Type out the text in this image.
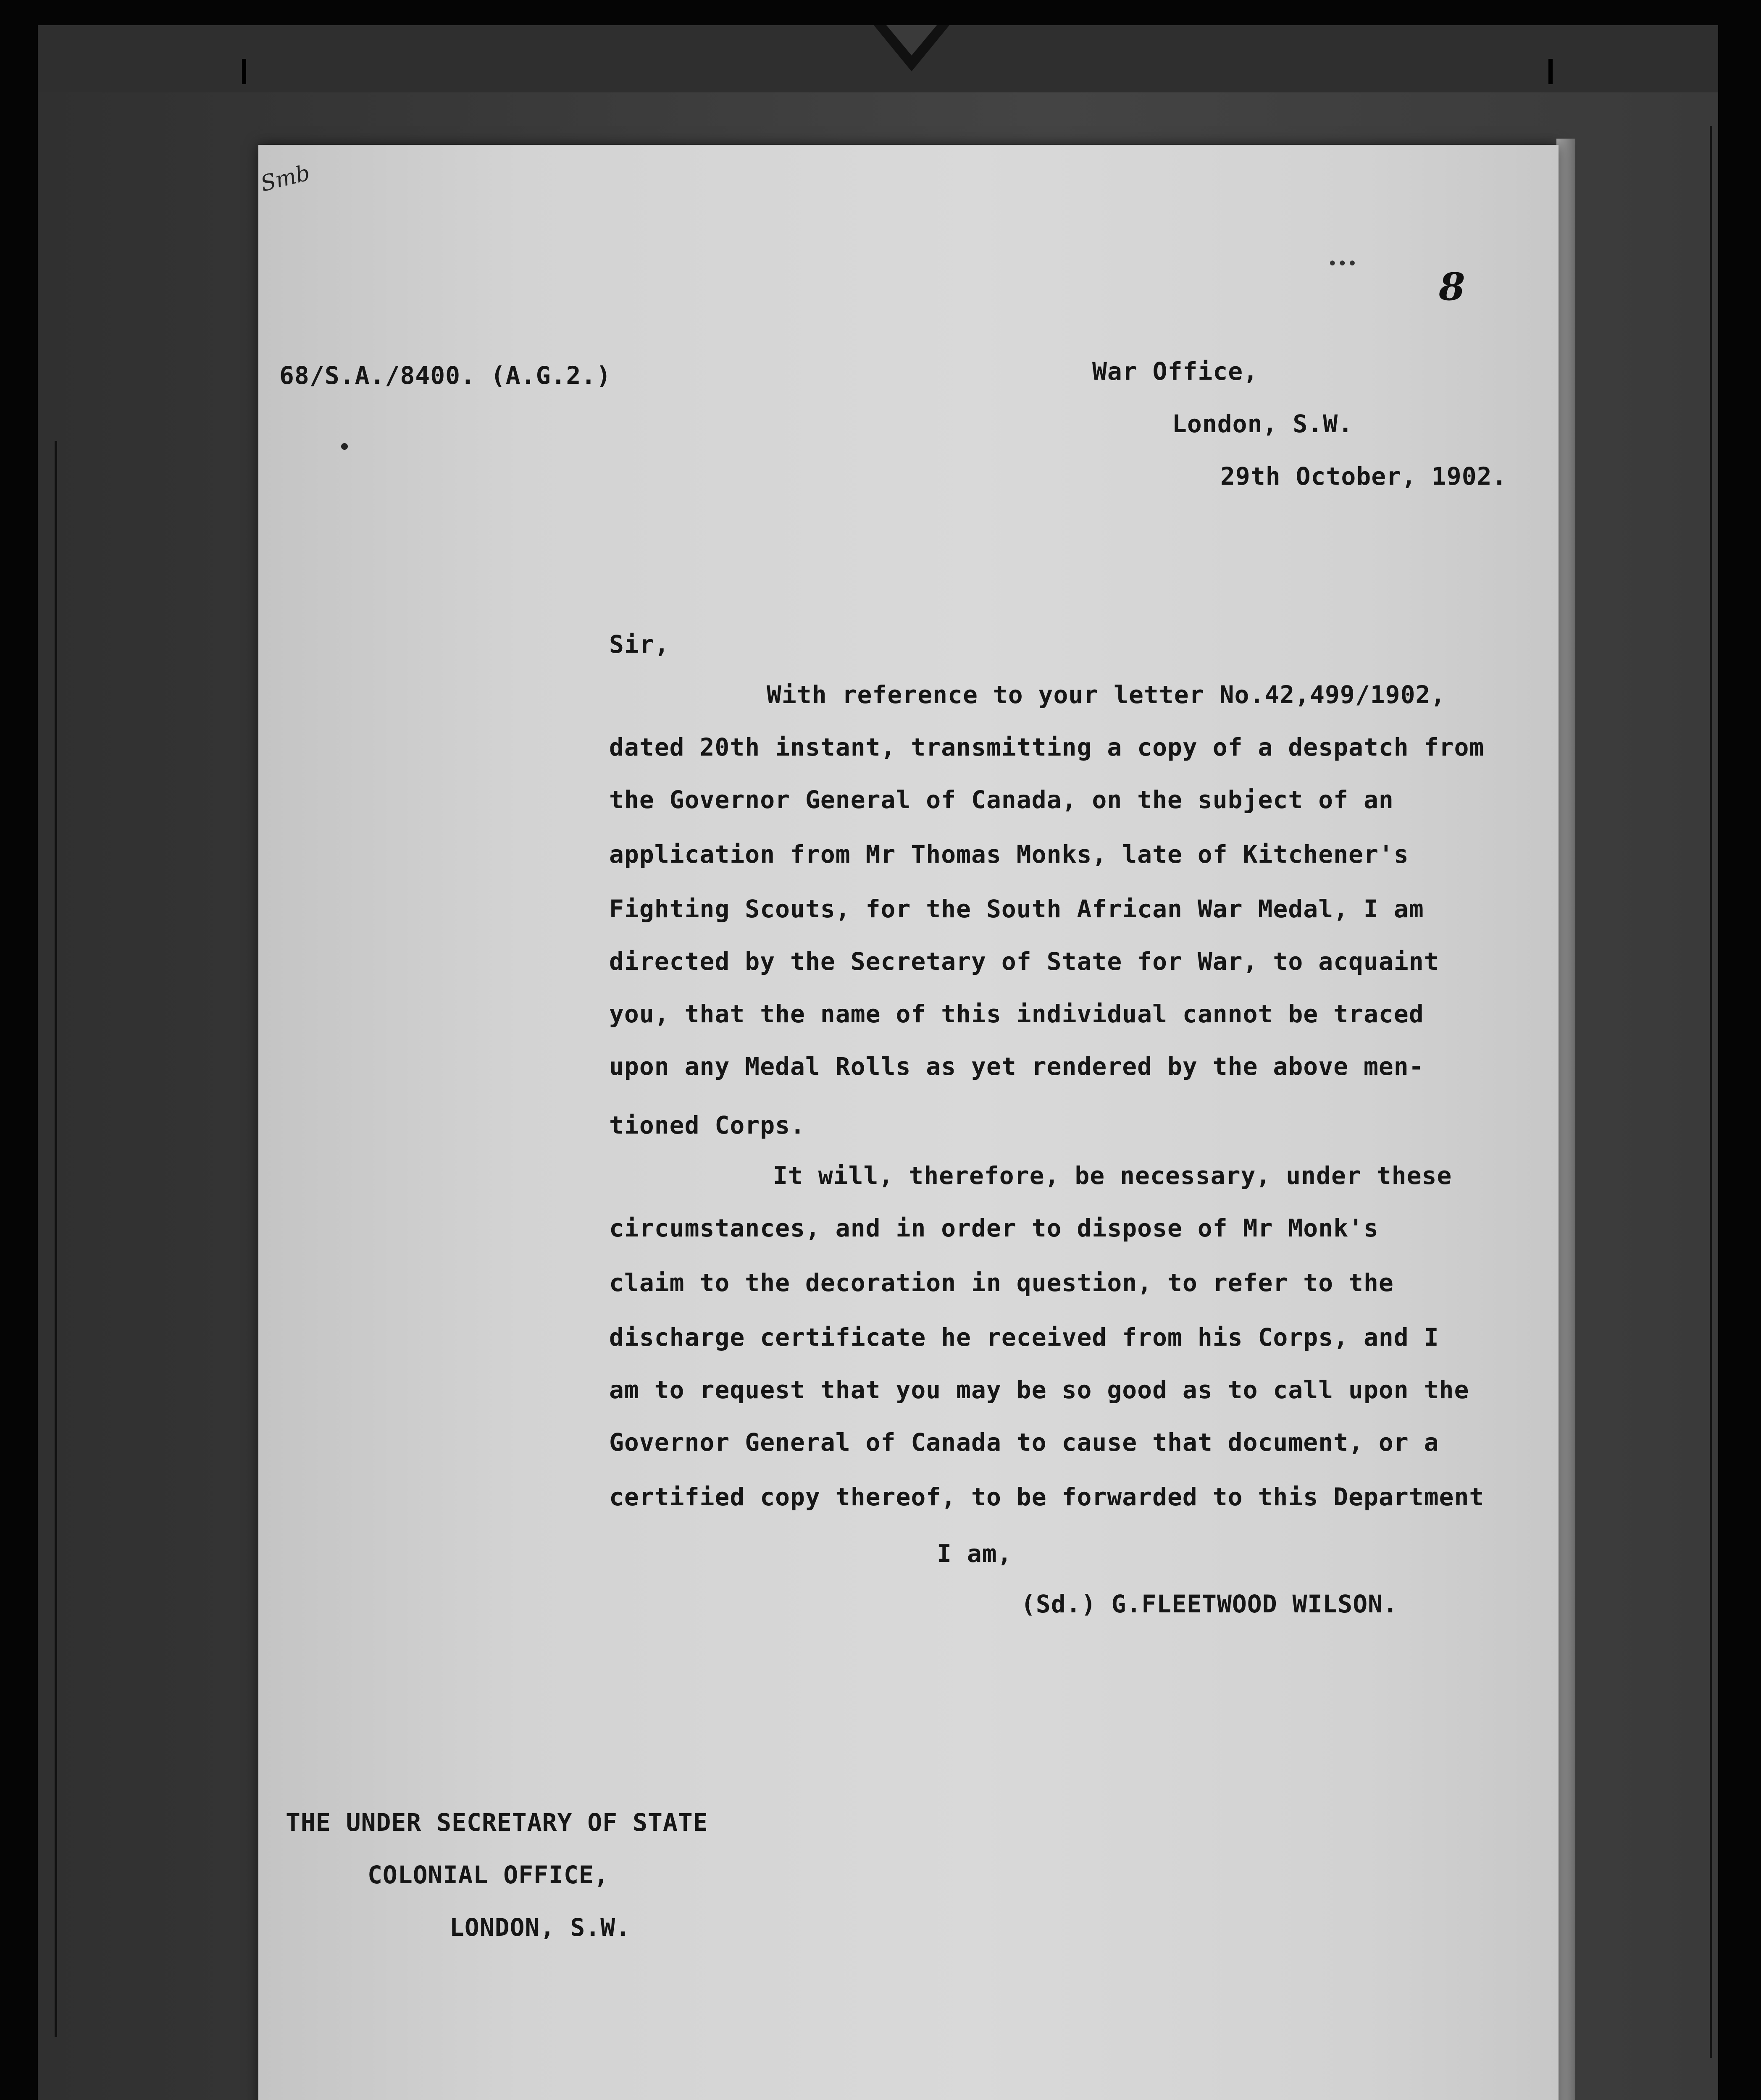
Smb
•••
8
68/S.A./8400. (A.G.2.)	War Office,
London, S.W.
29th October, 1902.
Sir,
With reference to your letter No.42,499/1902,
dated 20th instant, transmitting a copy of a despatch from
the Governor General of Canada, on the subject of an
application from Mr Thomas Monks, late of Kitchener's
Fighting Scouts, for the South African War Medal, I am
directed by the Secretary of State for War, to acquaint
you, that the name of this individual cannot be traced
upon any Medal Rolls as yet rendered by the above men-
tioned Corps.
It will, therefore, be necessary, under these
circumstances, and in order to dispose of Mr Monk's
claim to the decoration in question, to refer to the
discharge certificate he received from his Corps, and I
am to request that you may be so good as to call upon the
Governor General of Canada to cause that document, or a
certified copy thereof, to be forwarded to this Department
I am,
(Sd.) G.FLEETWOOD WILSON.
THE UNDER SECRETARY OF STATE
COLONIAL OFFICE,
LONDON, S.W.
